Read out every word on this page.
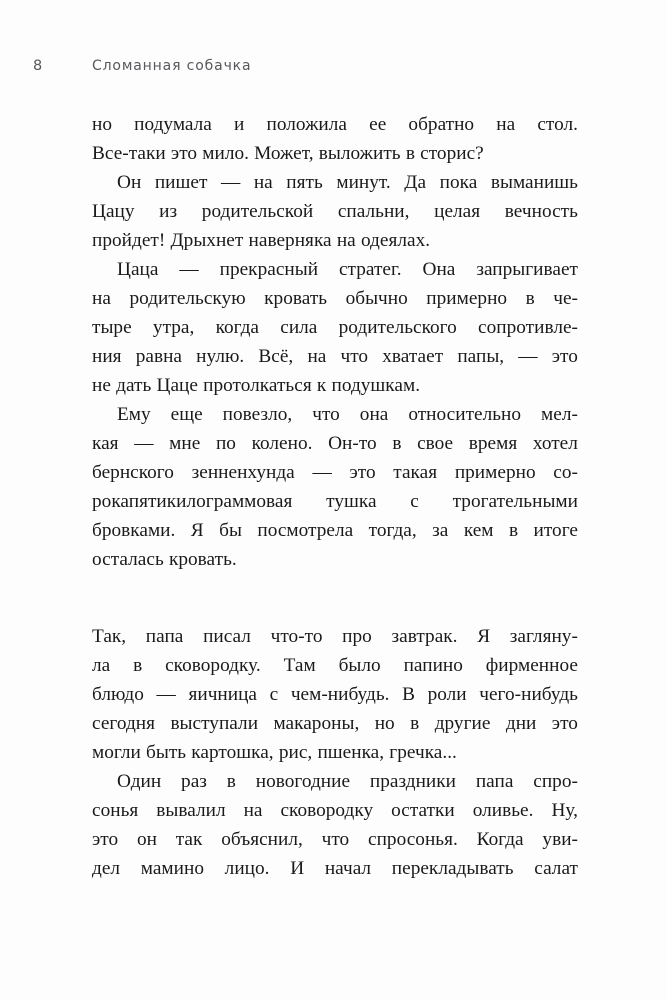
8	Сломанная собачка

но подумала и положила ее обратно на стол.
Все-таки это мило. Может, выложить в сторис?

Он пишет — на пять минут. Да пока выманишь
Цацу из родительской спальни, целая вечность
пройдет! Дрыхнет наверняка на одеялах.

Цаца — прекрасный стратег. Она запрыгивает
на родительскую кровать обычно примерно в че-
тыре утра, когда сила родительского сопротивле-
ния равна нулю. Всё, на что хватает папы, — это
не дать Цаце протолкаться к подушкам.

Ему еще повезло, что она относительно мел-
кая — мне по колено. Он-то в свое время хотел
бернского зенненхунда — это такая примерно со-
рокапятикилограммовая тушка с трогательными
бровками. Я бы посмотрела тогда, за кем в итоге
осталась кровать.

Так, папа писал что-то про завтрак. Я загляну-
ла в сковородку. Там было папино фирменное
блюдо — яичница с чем-нибудь. В роли чего-нибудь
сегодня выступали макароны, но в другие дни это
могли быть картошка, рис, пшенка, гречка...

Один раз в новогодние праздники папа спро-
сонья вывалил на сковородку остатки оливье. Ну,
это он так объяснил, что спросонья. Когда уви-
дел мамино лицо. И начал перекладывать салат
